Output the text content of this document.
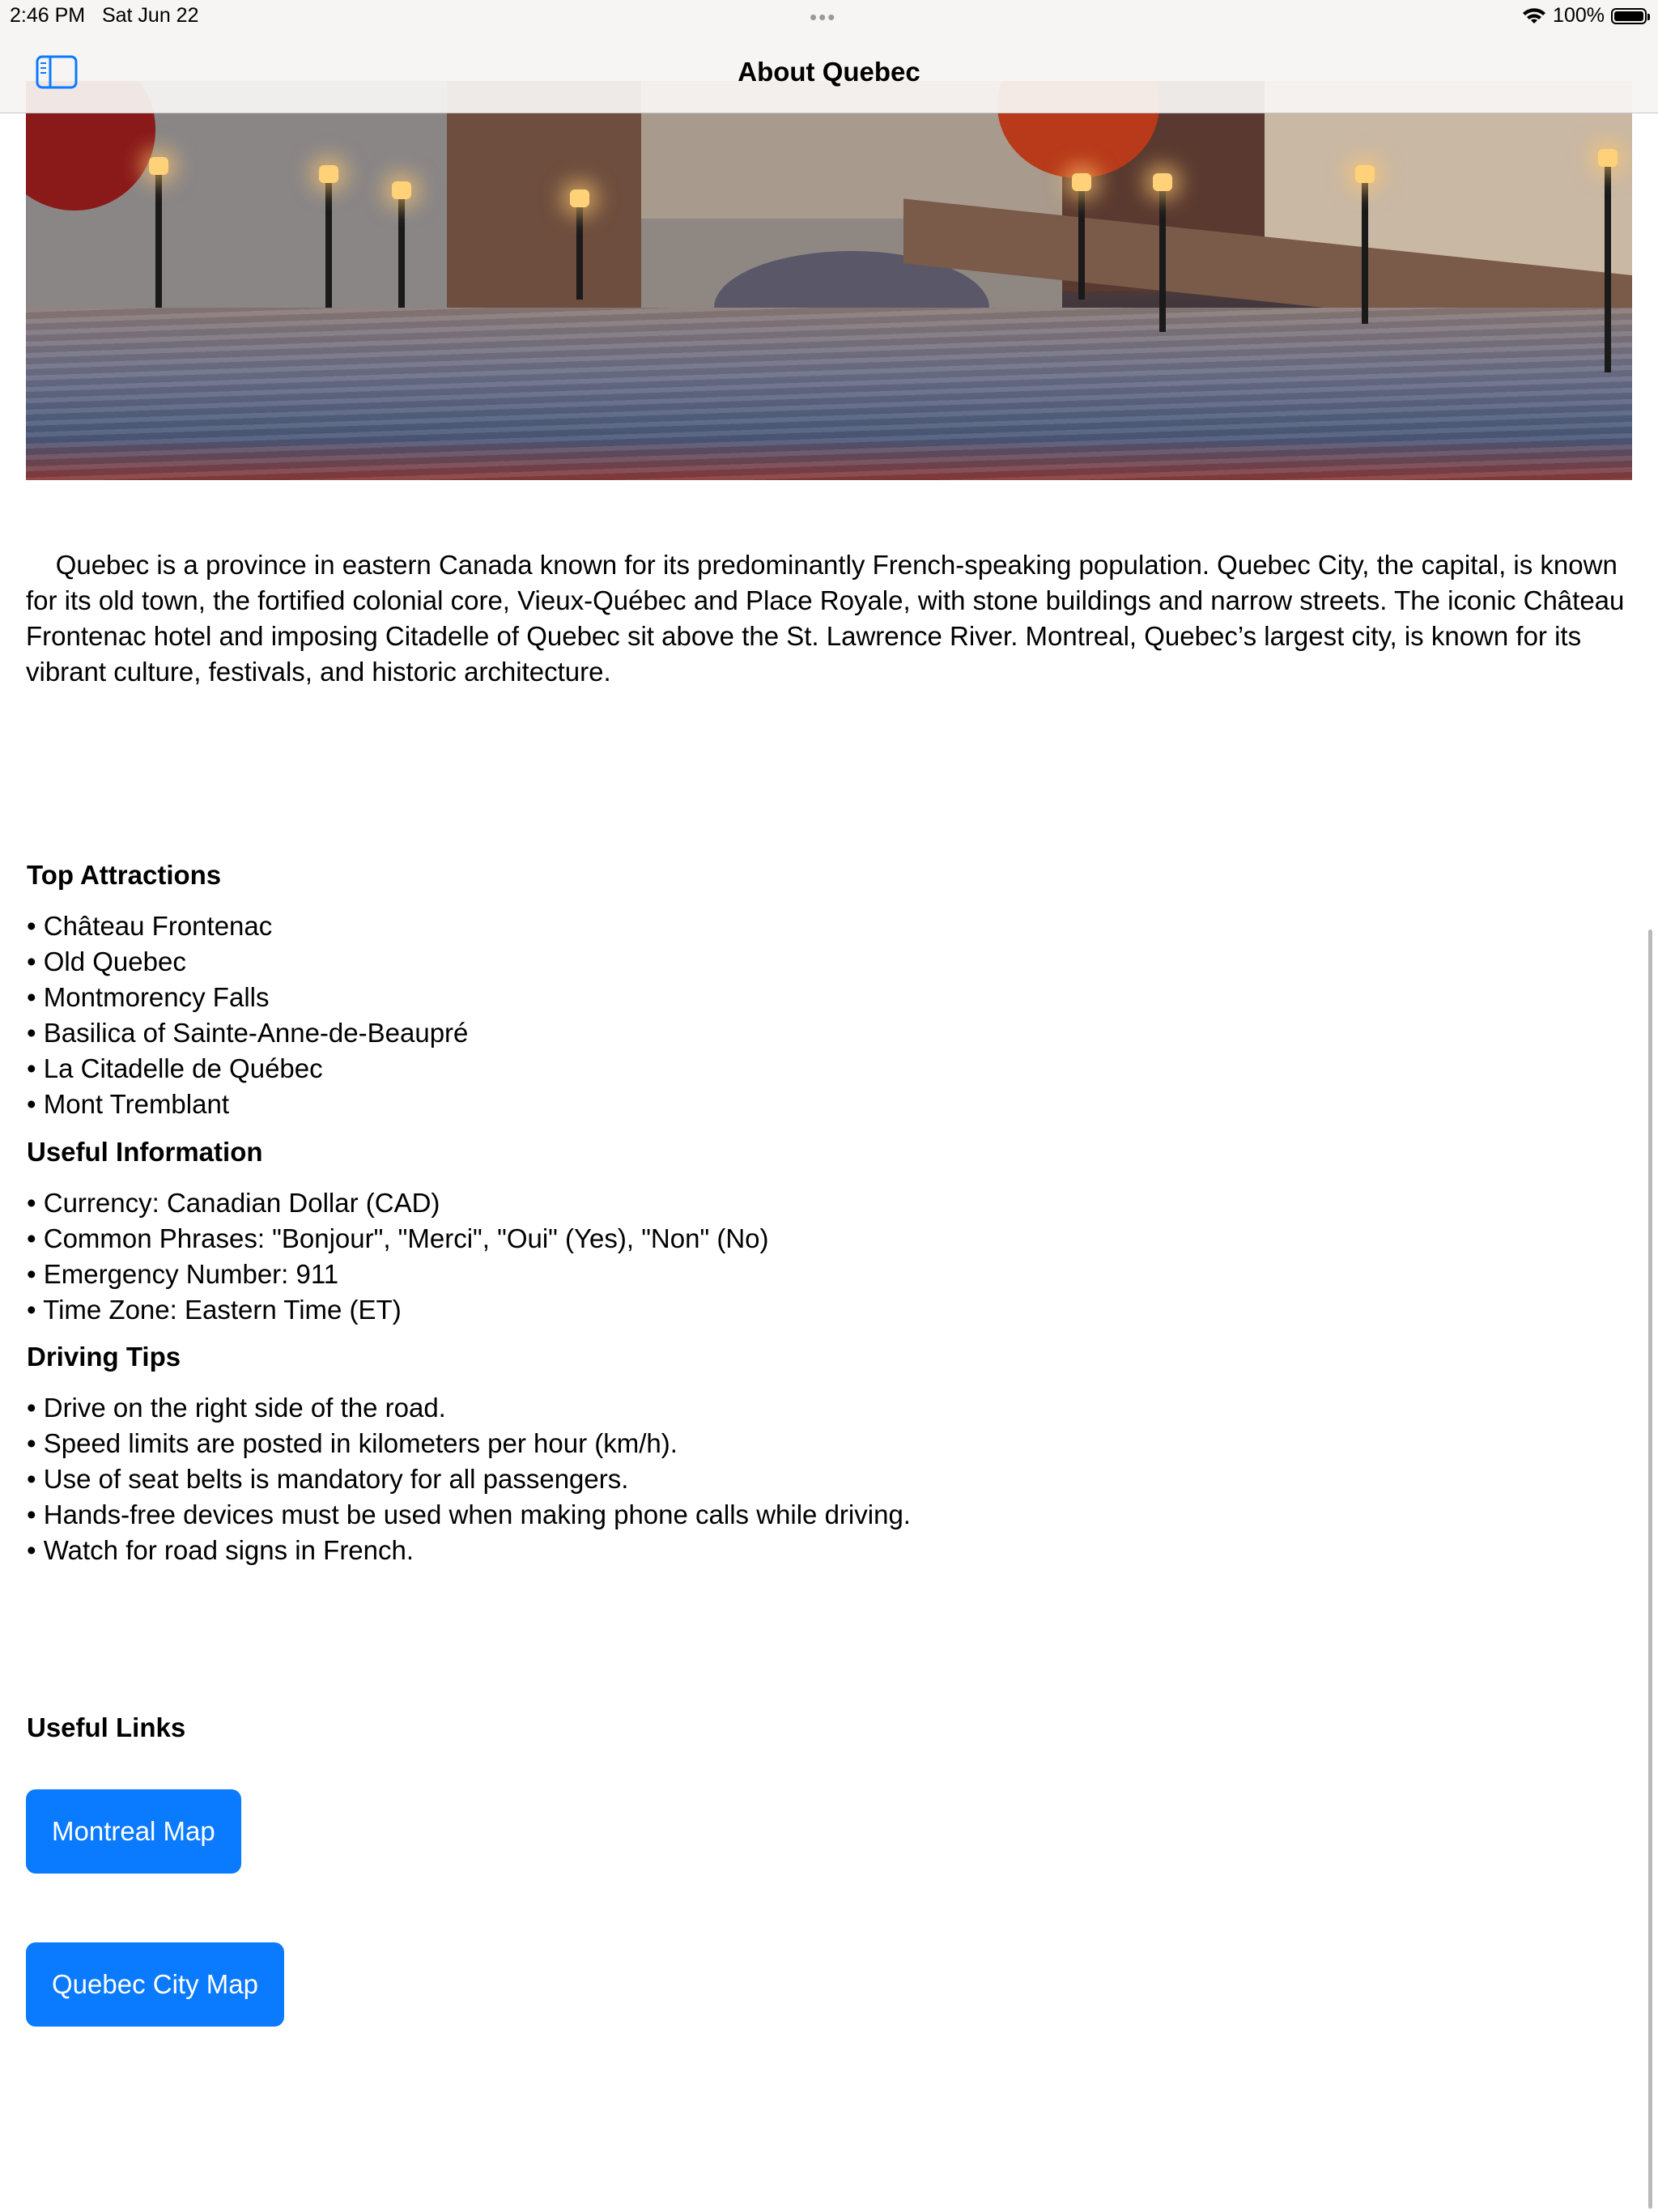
2:46 PM Sat Jun 22	•••	100%
About Quebec

Quebec is a province in eastern Canada known for its predominantly French-speaking population. Quebec City, the capital, is known for its old town, the fortified colonial core, Vieux-Québec and Place Royale, with stone buildings and narrow streets. The iconic Château Frontenac hotel and imposing Citadelle of Quebec sit above the St. Lawrence River. Montreal, Quebec’s largest city, is known for its vibrant culture, festivals, and historic architecture.

Top Attractions
• Château Frontenac
• Old Quebec
• Montmorency Falls
• Basilica of Sainte-Anne-de-Beaupré
• La Citadelle de Québec
• Mont Tremblant
Useful Information
• Currency: Canadian Dollar (CAD)
• Common Phrases: "Bonjour", "Merci", "Oui" (Yes), "Non" (No)
• Emergency Number: 911
• Time Zone: Eastern Time (ET)
Driving Tips
• Drive on the right side of the road.
• Speed limits are posted in kilometers per hour (km/h).
• Use of seat belts is mandatory for all passengers.
• Hands-free devices must be used when making phone calls while driving.
• Watch for road signs in French.
Useful Links
Montreal Map
Quebec City Map
